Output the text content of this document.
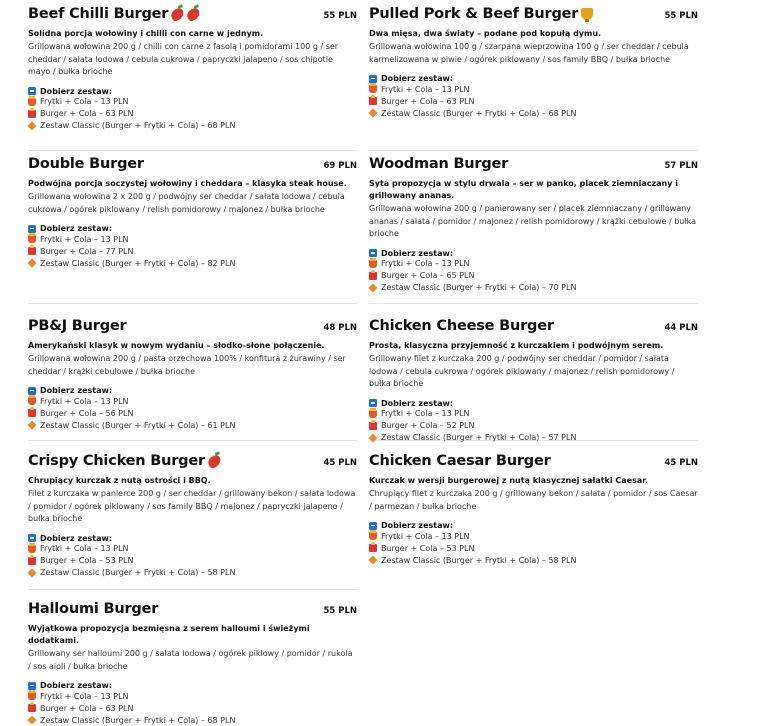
Beef Chilli Burger	55 PLN
Solidna porcja wołowiny i chilli con carne w jednym.
Grillowana wołowina 200 g / chilli con carne z fasolą i pomidorami 100 g / ser cheddar / sałata lodowa / cebula cukrowa / papryczki jalapeno / sos chipotle mayo / bułka brioche
Dobierz zestaw:
Frytki + Cola – 13 PLN
Burger + Cola – 63 PLN
Zestaw Classic (Burger + Frytki + Cola) – 68 PLN
Pulled Pork & Beef Burger	55 PLN
Dwa mięsa, dwa światy – podane pod kopułą dymu.
Grillowana wołowina 100 g / szarpana wieprzowina 100 g / ser cheddar / cebula karmelizowana w piwie / ogórek piklowany / sos family BBQ / bułka brioche
Dobierz zestaw:
Frytki + Cola – 13 PLN
Burger + Cola – 63 PLN
Zestaw Classic (Burger + Frytki + Cola) – 68 PLN
Double Burger	69 PLN
Podwójna porcja soczystej wołowiny i cheddara – klasyka steak house.
Grillowana wołowina 2 x 200 g / podwójny ser cheddar / sałata lodowa / cebula cukrowa / ogórek piklowany / relish pomidorowy / majonez / bułka brioche
Dobierz zestaw:
Frytki + Cola – 13 PLN
Burger + Cola – 77 PLN
Zestaw Classic (Burger + Frytki + Cola) – 82 PLN
Woodman Burger	57 PLN
Syta propozycja w stylu drwala – ser w panko, placek ziemniaczany i grillowany ananas.
Grillowana wołowina 200 g / panierowany ser / placek ziemniaczany / grillowany ananas / sałata / pomidor / majonez / relish pomidorowy / krążki cebulowe / bułka brioche
Dobierz zestaw:
Frytki + Cola – 13 PLN
Burger + Cola – 65 PLN
Zestaw Classic (Burger + Frytki + Cola) – 70 PLN
PB&J Burger	48 PLN
Amerykański klasyk w nowym wydaniu – słodko-słone połączenie.
Grillowana wołowina 200 g / pasta orzechowa 100% / konfitura z żurawiny / ser cheddar / krążki cebulowe / bułka brioche
Dobierz zestaw:
Frytki + Cola – 13 PLN
Burger + Cola – 56 PLN
Zestaw Classic (Burger + Frytki + Cola) – 61 PLN
Chicken Cheese Burger	44 PLN
Prosta, klasyczna przyjemność z kurczakiem i podwójnym serem.
Grillowany filet z kurczaka 200 g / podwójny ser cheddar / pomidor / sałata lodowa / cebula cukrowa / ogórek piklowany / majonez / relish pomidorowy / bułka brioche
Dobierz zestaw:
Frytki + Cola – 13 PLN
Burger + Cola – 52 PLN
Zestaw Classic (Burger + Frytki + Cola) – 57 PLN
Crispy Chicken Burger	45 PLN
Chrupiący kurczak z nutą ostrości i BBQ.
Filet z kurczaka w panierce 200 g / ser cheddar / grillowany bekon / sałata lodowa / pomidor / ogórek piklowany / sos family BBQ / majonez / papryczki jalapeno / bułka brioche
Dobierz zestaw:
Frytki + Cola – 13 PLN
Burger + Cola – 53 PLN
Zestaw Classic (Burger + Frytki + Cola) – 58 PLN
Chicken Caesar Burger	45 PLN
Kurczak w wersji burgerowej z nutą klasycznej sałatki Caesar.
Chrupiący filet z kurczaka 200 g / grillowany bekon / sałata / pomidor / sos Caesar / parmezan / bułka brioche
Dobierz zestaw:
Frytki + Cola – 13 PLN
Burger + Cola – 53 PLN
Zestaw Classic (Burger + Frytki + Cola) – 58 PLN
Halloumi Burger	55 PLN
Wyjątkowa propozycja bezmięsna z serem halloumi i świeżymi dodatkami.
Grillowany ser halloumi 200 g / sałata lodowa / ogórek piklowy / pomidor / rukola / sos aioli / bułka brioche
Dobierz zestaw:
Frytki + Cola – 13 PLN
Burger + Cola – 63 PLN
Zestaw Classic (Burger + Frytki + Cola) – 68 PLN
